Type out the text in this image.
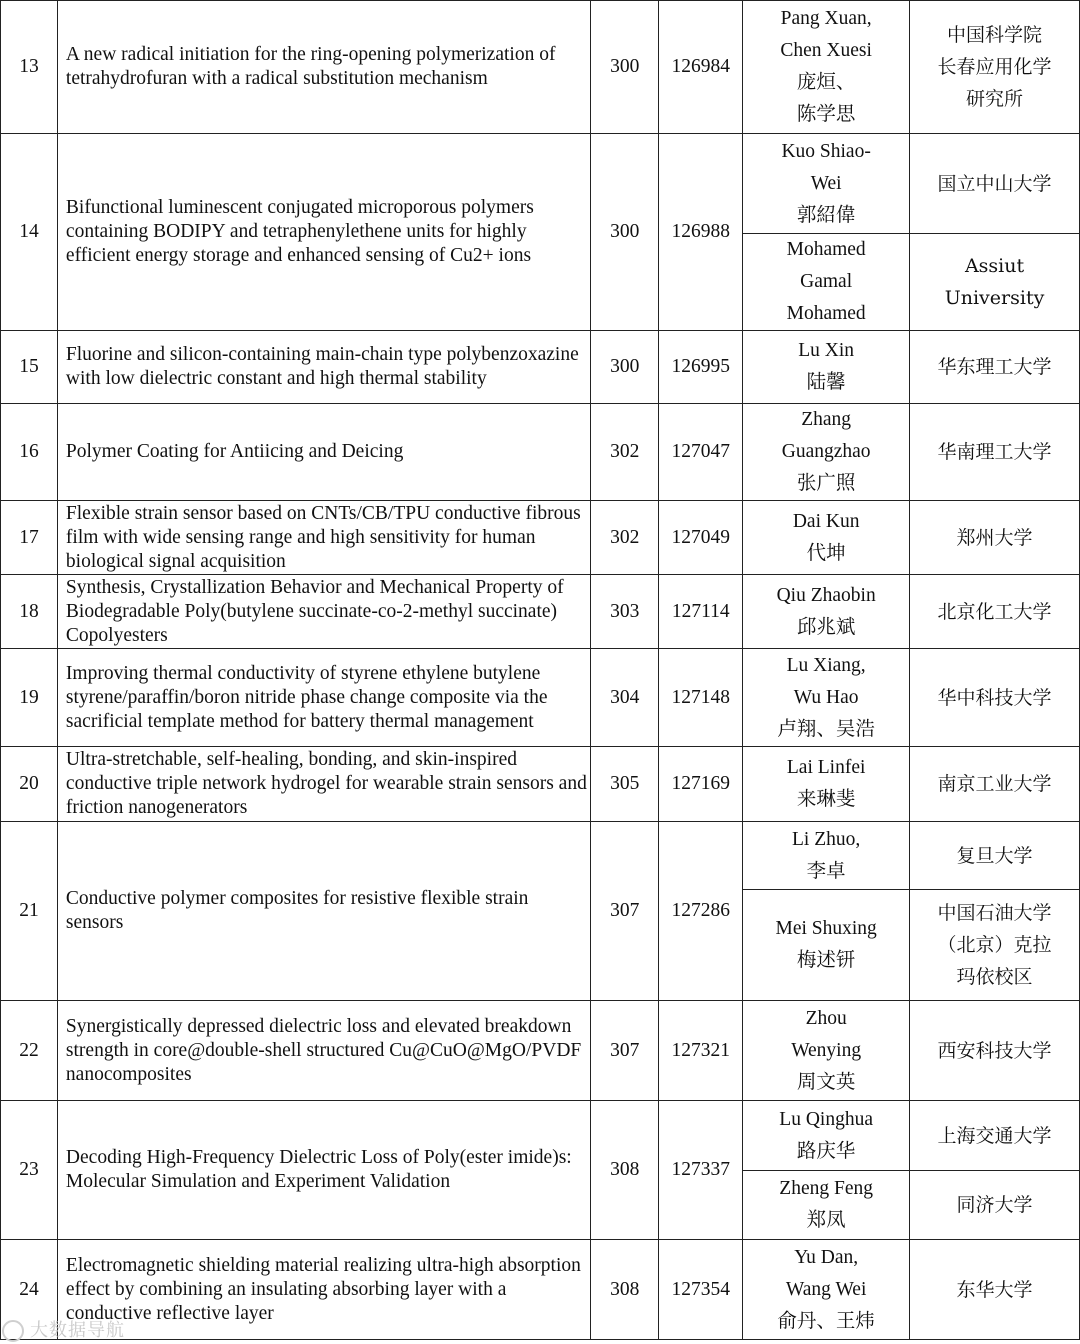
13	A new radical initiation for the ring-opening polymerization of tetrahydrofuran with a radical substitution mechanism	300	126984	Pang Xuan,
Chen Xuesi
庞烜、
陈学思	中国科学院
长春应用化学
研究所

14	Bifunctional luminescent conjugated microporous polymers containing BODIPY and tetraphenylethene units for highly efficient energy storage and enhanced sensing of Cu2+ ions	300	126988	Kuo Shiao-
Wei
郭紹偉	国立中山大学

				Mohamed
Gamal
Mohamed	Assiut
University

15	Fluorine and silicon-containing main-chain type polybenzoxazine with low dielectric constant and high thermal stability	300	126995	Lu Xin
陆馨	华东理工大学

16	Polymer Coating for Antiicing and Deicing	302	127047	Zhang
Guangzhao
张广照	华南理工大学

17	Flexible strain sensor based on CNTs/CB/TPU conductive fibrous film with wide sensing range and high sensitivity for human biological signal acquisition	302	127049	Dai Kun
代坤	郑州大学

18	Synthesis, Crystallization Behavior and Mechanical Property of Biodegradable Poly(butylene succinate-co-2-methyl succinate) Copolyesters	303	127114	Qiu Zhaobin
邱兆斌	北京化工大学

19	Improving thermal conductivity of styrene ethylene butylene styrene/paraffin/boron nitride phase change composite via the sacrificial template method for battery thermal management	304	127148	Lu Xiang,
Wu Hao
卢翔、吴浩	华中科技大学

20	Ultra-stretchable, self-healing, bonding, and skin-inspired conductive triple network hydrogel for wearable strain sensors and friction nanogenerators	305	127169	Lai Linfei
来琳斐	南京工业大学

21	Conductive polymer composites for resistive flexible strain sensors	307	127286	Li Zhuo,
李卓	复旦大学

				Mei Shuxing
梅述钘	中国石油大学
（北京）克拉
玛依校区

22	Synergistically depressed dielectric loss and elevated breakdown strength in core@double-shell structured Cu@CuO@MgO/PVDF nanocomposites	307	127321	Zhou
Wenying
周文英	西安科技大学

23	Decoding High-Frequency Dielectric Loss of Poly(ester imide)s: Molecular Simulation and Experiment Validation	308	127337	Lu Qinghua
路庆华	上海交通大学

				Zheng Feng
郑凤	同济大学

24	Electromagnetic shielding material realizing ultra-high absorption effect by combining an insulating absorbing layer with a conductive reflective layer	308	127354	Yu Dan,
Wang Wei
俞丹、王炜	东华大学
大数据导航
